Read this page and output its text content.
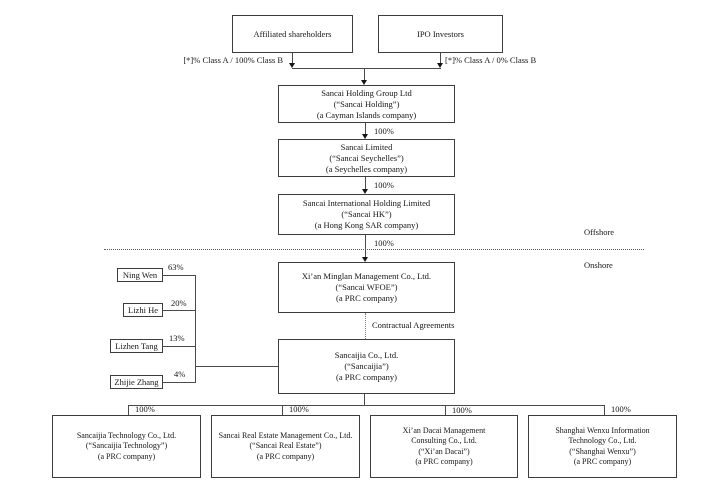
Affiliated shareholders	IPO Investors
[*]% Class A / 100% Class B	[*]% Class A / 0% Class B
Sancai Holding Group Ltd
(“Sancai Holding”)
(a Cayman Islands company)
100%
Sancai Limited
(“Sancai Seychelles”)
(a Seychelles company)
100%
Sancai International Holding Limited
(“Sancai HK”)
(a Hong Kong SAR company)
100%
Offshore
Onshore
Xi’an Minglan Management Co., Ltd.
(“Sancai WFOE”)
(a PRC company)
Contractual Agreements
Sancaijia Co., Ltd.
(“Sancaijia”)
(a PRC company)
Ning Wen
63%
Lizhi He
20%
Lizhen Tang
13%
Zhijie Zhang
4%
100%	100%	100%	100%
Sancaijia Technology Co., Ltd.
(“Sancaijia Technology”)
(a PRC company)
Sancai Real Estate Management Co., Ltd.
(“Sancai Real Estate”)
(a PRC company)
Xi’an Dacai Management
Consulting Co., Ltd.
(“Xi’an Dacai”)
(a PRC company)
Shanghai Wenxu Information
Technology Co., Ltd.
(“Shanghai Wenxu”)
(a PRC company)
